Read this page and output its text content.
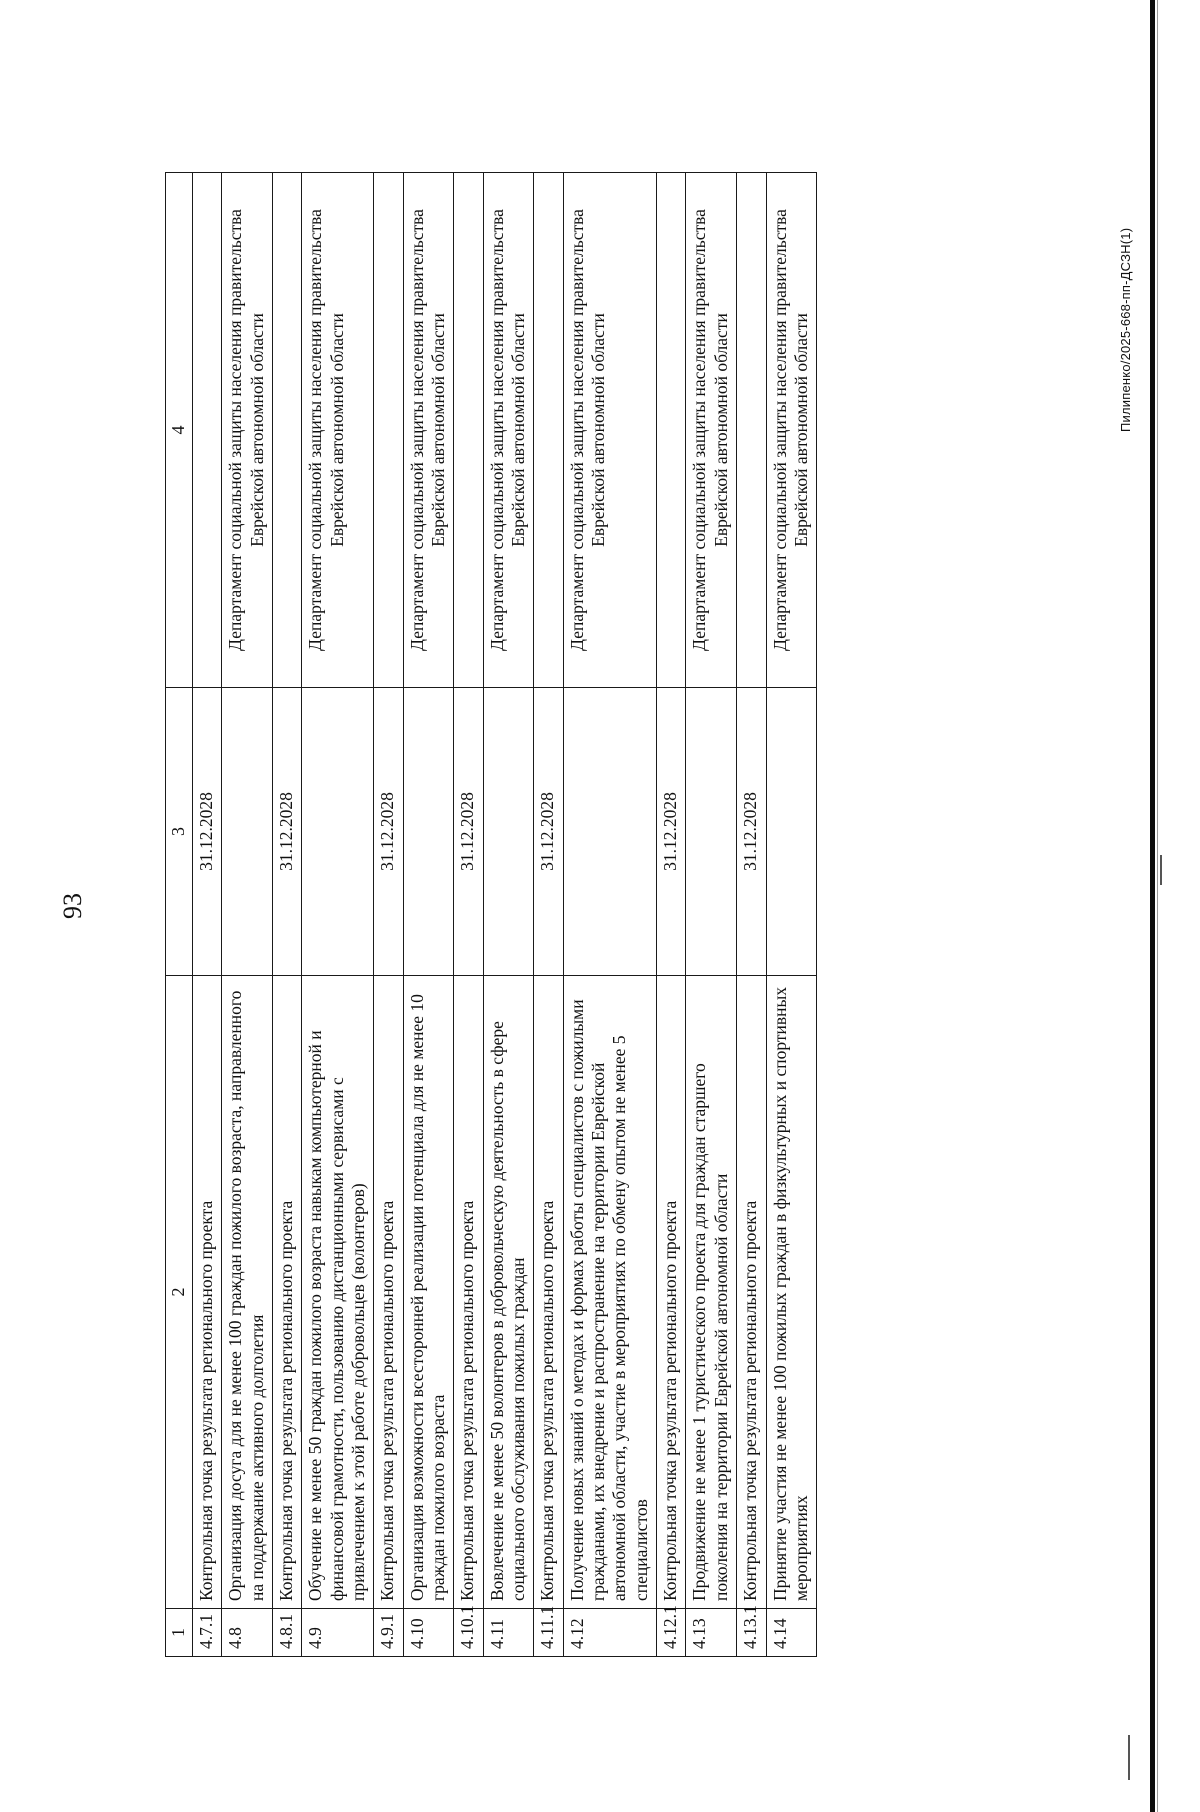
93
1	2	3	4
4.7.1	Контрольная точка результата регионального проекта	31.12.2028	
4.8	Организация досуга для не менее 100 граждан пожилого возраста, направленного на поддержание активного долголетия		Департамент социальной защиты населения правительства Еврейской автономной области
4.8.1	Контрольная точка результата регионального проекта	31.12.2028	
4.9	Обучение не менее 50 граждан пожилого возраста навыкам компьютерной и финансовой грамотности, пользованию дистанционными сервисами с привлечением к этой работе добровольцев (волонтеров)		Департамент социальной защиты населения правительства Еврейской автономной области
4.9.1	Контрольная точка результата регионального проекта	31.12.2028	
4.10	Организация возможности всесторонней реализации потенциала для не менее 10 граждан пожилого возраста		Департамент социальной защиты населения правительства Еврейской автономной области
4.10.1	Контрольная точка результата регионального проекта	31.12.2028	
4.11	Вовлечение не менее 50 волонтеров в добровольческую деятельность в сфере социального обслуживания пожилых граждан		Департамент социальной защиты населения правительства Еврейской автономной области
4.11.1	Контрольная точка результата регионального проекта	31.12.2028	
4.12	Получение новых знаний о методах и формах работы специалистов с пожилыми гражданами, их внедрение и распространение на территории Еврейской автономной области, участие в мероприятиях по обмену опытом не менее 5 специалистов		Департамент социальной защиты населения правительства Еврейской автономной области
4.12.1	Контрольная точка результата регионального проекта	31.12.2028	
4.13	Продвижение не менее 1 туристического проекта для граждан старшего поколения на территории Еврейской автономной области		Департамент социальной защиты населения правительства Еврейской автономной области
4.13.1	Контрольная точка результата регионального проекта	31.12.2028	
4.14	Принятие участия не менее 100 пожилых граждан в физкультурных и спортивных мероприятиях		Департамент социальной защиты населения правительства Еврейской автономной области	Пилипенко/2025-668-пп-ДСЗН(1)
